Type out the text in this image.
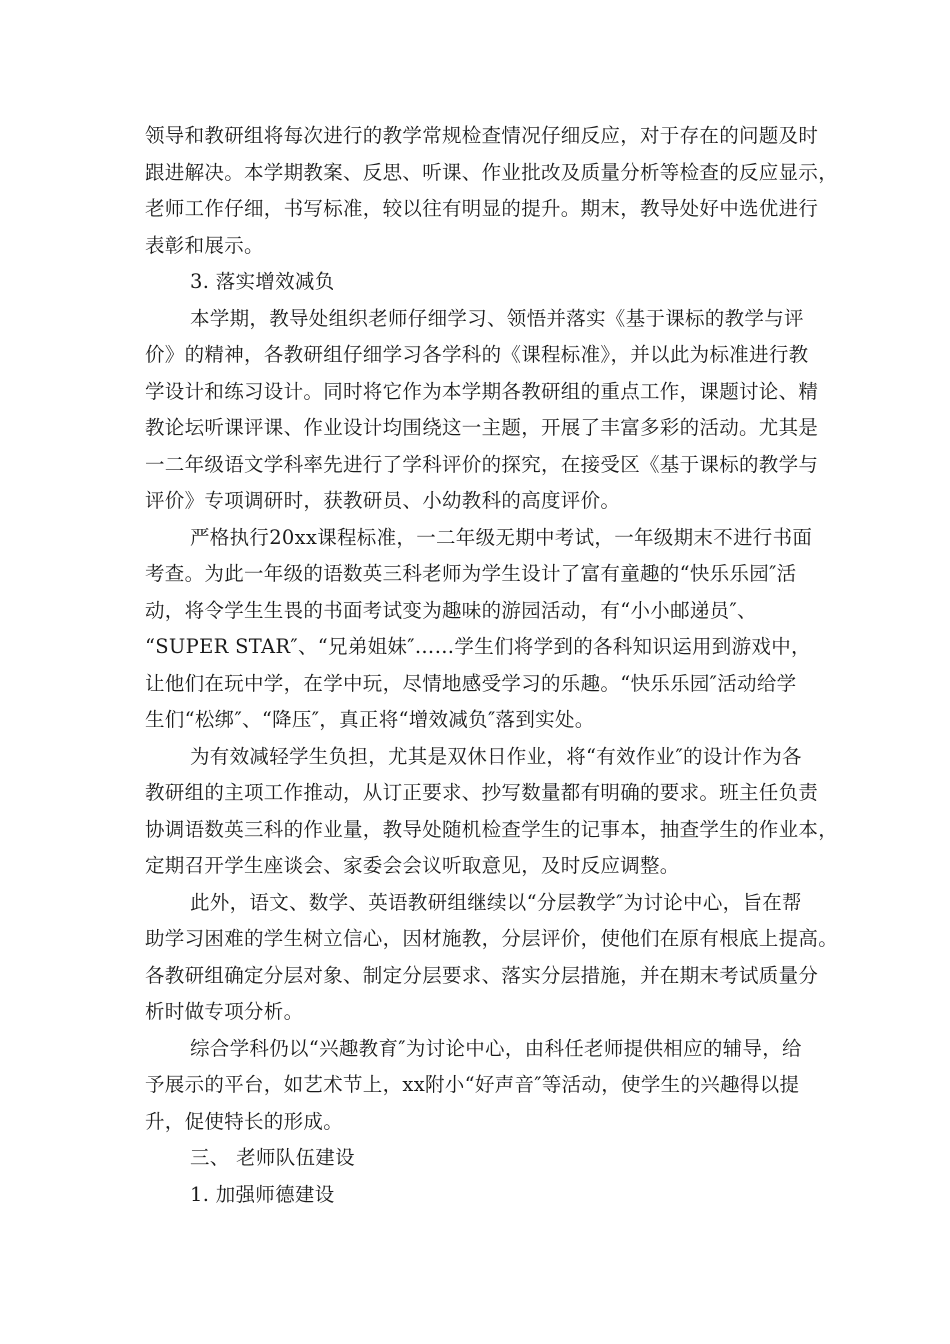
领导和教研组将每次进行的教学常规检查情况仔细反应，对于存在的问题及时
跟进解决。本学期教案、反思、听课、作业批改及质量分析等检查的反应显示，
老师工作仔细，书写标准，较以往有明显的提升。期末，教导处好中选优进行
表彰和展示。
3. 落实增效减负
本学期，教导处组织老师仔细学习、领悟并落实《基于课标的教学与评
价》的精神，各教研组仔细学习各学科的《课程标准》，并以此为标准进行教
学设计和练习设计。同时将它作为本学期各教研组的重点工作，课题讨论、精
教论坛听课评课、作业设计均围绕这一主题，开展了丰富多彩的活动。尤其是
一二年级语文学科率先进行了学科评价的探究，在接受区《基于课标的教学与
评价》专项调研时，获教研员、小幼教科的高度评价。
严格执行20xx课程标准，一二年级无期中考试，一年级期末不进行书面
考查。为此一年级的语数英三科老师为学生设计了富有童趣的“快乐乐园″活
动，将令学生生畏的书面考试变为趣味的游园活动，有“小小邮递员″、
“SUPER STAR″、“兄弟姐妹″……学生们将学到的各科知识运用到游戏中，
让他们在玩中学，在学中玩，尽情地感受学习的乐趣。“快乐乐园″活动给学
生们“松绑″、“降压″，真正将“增效减负″落到实处。
为有效减轻学生负担，尤其是双休日作业，将“有效作业″的设计作为各
教研组的主项工作推动，从订正要求、抄写数量都有明确的要求。班主任负责
协调语数英三科的作业量，教导处随机检查学生的记事本，抽查学生的作业本，
定期召开学生座谈会、家委会会议听取意见，及时反应调整。
此外，语文、数学、英语教研组继续以“分层教学″为讨论中心，旨在帮
助学习困难的学生树立信心，因材施教，分层评价，使他们在原有根底上提高。
各教研组确定分层对象、制定分层要求、落实分层措施，并在期末考试质量分
析时做专项分析。
综合学科仍以“兴趣教育″为讨论中心，由科任老师提供相应的辅导，给
予展示的平台，如艺术节上，xx附小“好声音″等活动，使学生的兴趣得以提
升，促使特长的形成。
三、 老师队伍建设
1. 加强师德建设
